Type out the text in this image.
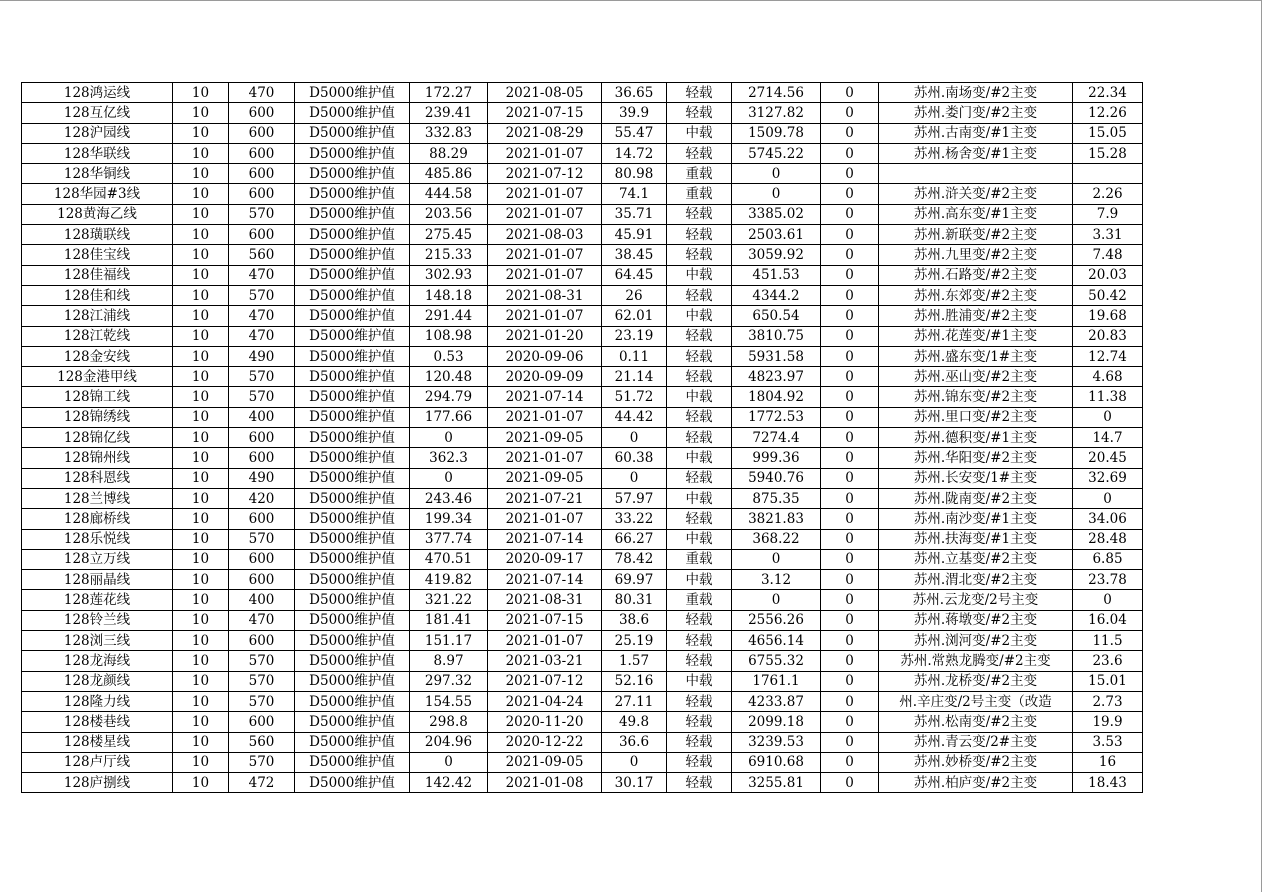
128鸿运线	10	470	D5000维护值	172.27	2021-08-05	36.65	轻载	2714.56	0	苏州.南场变/#2主变	22.34
128互亿线	10	600	D5000维护值	239.41	2021-07-15	39.9	轻载	3127.82	0	苏州.娄门变/#2主变	12.26
128沪园线	10	600	D5000维护值	332.83	2021-08-29	55.47	中载	1509.78	0	苏州.古南变/#1主变	15.05
128华联线	10	600	D5000维护值	88.29	2021-01-07	14.72	轻载	5745.22	0	苏州.杨舍变/#1主变	15.28
128华铜线	10	600	D5000维护值	485.86	2021-07-12	80.98	重载	0	0		
128华园#3线	10	600	D5000维护值	444.58	2021-01-07	74.1	重载	0	0	苏州.浒关变/#2主变	2.26
128黄海乙线	10	570	D5000维护值	203.56	2021-01-07	35.71	轻载	3385.02	0	苏州.高东变/#1主变	7.9
128璜联线	10	600	D5000维护值	275.45	2021-08-03	45.91	轻载	2503.61	0	苏州.新联变/#2主变	3.31
128佳宝线	10	560	D5000维护值	215.33	2021-01-07	38.45	轻载	3059.92	0	苏州.九里变/#2主变	7.48
128佳福线	10	470	D5000维护值	302.93	2021-01-07	64.45	中载	451.53	0	苏州.石路变/#2主变	20.03
128佳和线	10	570	D5000维护值	148.18	2021-08-31	26	轻载	4344.2	0	苏州.东郊变/#2主变	50.42
128江浦线	10	470	D5000维护值	291.44	2021-01-07	62.01	中载	650.54	0	苏州.胜浦变/#2主变	19.68
128江乾线	10	470	D5000维护值	108.98	2021-01-20	23.19	轻载	3810.75	0	苏州.花莲变/#1主变	20.83
128金安线	10	490	D5000维护值	0.53	2020-09-06	0.11	轻载	5931.58	0	苏州.盛东变/1#主变	12.74
128金港甲线	10	570	D5000维护值	120.48	2020-09-09	21.14	轻载	4823.97	0	苏州.巫山变/#2主变	4.68
128锦工线	10	570	D5000维护值	294.79	2021-07-14	51.72	中载	1804.92	0	苏州.锦东变/#2主变	11.38
128锦绣线	10	400	D5000维护值	177.66	2021-01-07	44.42	轻载	1772.53	0	苏州.里口变/#2主变	0
128锦亿线	10	600	D5000维护值	0	2021-09-05	0	轻载	7274.4	0	苏州.德积变/#1主变	14.7
128锦州线	10	600	D5000维护值	362.3	2021-01-07	60.38	中载	999.36	0	苏州.华阳变/#2主变	20.45
128科恩线	10	490	D5000维护值	0	2021-09-05	0	轻载	5940.76	0	苏州.长安变/1#主变	32.69
128兰博线	10	420	D5000维护值	243.46	2021-07-21	57.97	中载	875.35	0	苏州.陇南变/#2主变	0
128廊桥线	10	600	D5000维护值	199.34	2021-01-07	33.22	轻载	3821.83	0	苏州.南沙变/#1主变	34.06
128乐悦线	10	570	D5000维护值	377.74	2021-07-14	66.27	中载	368.22	0	苏州.扶海变/#1主变	28.48
128立万线	10	600	D5000维护值	470.51	2020-09-17	78.42	重载	0	0	苏州.立基变/#2主变	6.85
128丽晶线	10	600	D5000维护值	419.82	2021-07-14	69.97	中载	3.12	0	苏州.渭北变/#2主变	23.78
128莲花线	10	400	D5000维护值	321.22	2021-08-31	80.31	重载	0	0	苏州.云龙变/2号主变	0
128铃兰线	10	470	D5000维护值	181.41	2021-07-15	38.6	轻载	2556.26	0	苏州.蒋墩变/#2主变	16.04
128浏三线	10	600	D5000维护值	151.17	2021-01-07	25.19	轻载	4656.14	0	苏州.浏河变/#2主变	11.5
128龙海线	10	570	D5000维护值	8.97	2021-03-21	1.57	轻载	6755.32	0	苏州.常熟龙腾变/#2主变	23.6
128龙颜线	10	570	D5000维护值	297.32	2021-07-12	52.16	中载	1761.1	0	苏州.龙桥变/#2主变	15.01
128隆力线	10	570	D5000维护值	154.55	2021-04-24	27.11	轻载	4233.87	0	州.辛庄变/2号主变（改造	2.73
128楼巷线	10	600	D5000维护值	298.8	2020-11-20	49.8	轻载	2099.18	0	苏州.松南变/#2主变	19.9
128楼星线	10	560	D5000维护值	204.96	2020-12-22	36.6	轻载	3239.53	0	苏州.青云变/2#主变	3.53
128卢厅线	10	570	D5000维护值	0	2021-09-05	0	轻载	6910.68	0	苏州.妙桥变/#2主变	16
128庐捌线	10	472	D5000维护值	142.42	2021-01-08	30.17	轻载	3255.81	0	苏州.柏庐变/#2主变	18.43
